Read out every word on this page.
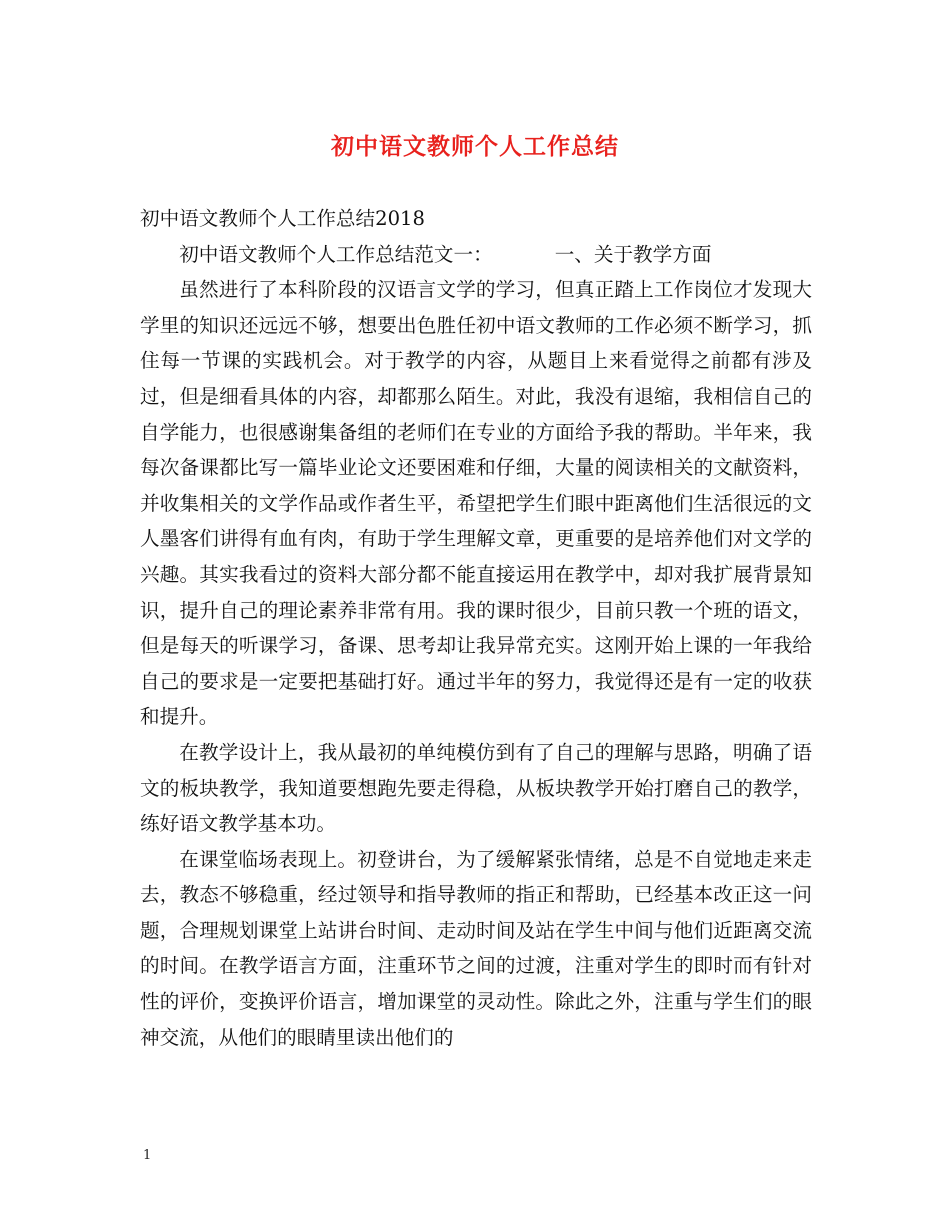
初中语文教师个人工作总结

初中语文教师个人工作总结2018

初中语文教师个人工作总结范文一：	一、关于教学方面

虽然进行了本科阶段的汉语言文学的学习，但真正踏上工作岗位才发现大学里的知识还远远不够，想要出色胜任初中语文教师的工作必须不断学习，抓住每一节课的实践机会。对于教学的内容，从题目上来看觉得之前都有涉及过，但是细看具体的内容，却都那么陌生。对此，我没有退缩，我相信自己的自学能力，也很感谢集备组的老师们在专业的方面给予我的帮助。半年来，我每次备课都比写一篇毕业论文还要困难和仔细，大量的阅读相关的文献资料，并收集相关的文学作品或作者生平，希望把学生们眼中距离他们生活很远的文人墨客们讲得有血有肉，有助于学生理解文章，更重要的是培养他们对文学的兴趣。其实我看过的资料大部分都不能直接运用在教学中，却对我扩展背景知识，提升自己的理论素养非常有用。我的课时很少，目前只教一个班的语文，但是每天的听课学习，备课、思考却让我异常充实。这刚开始上课的一年我给自己的要求是一定要把基础打好。通过半年的努力，我觉得还是有一定的收获和提升。

在教学设计上，我从最初的单纯模仿到有了自己的理解与思路，明确了语文的板块教学，我知道要想跑先要走得稳，从板块教学开始打磨自己的教学，练好语文教学基本功。

在课堂临场表现上。初登讲台，为了缓解紧张情绪，总是不自觉地走来走去，教态不够稳重，经过领导和指导教师的指正和帮助，已经基本改正这一问题，合理规划课堂上站讲台时间、走动时间及站在学生中间与他们近距离交流的时间。在教学语言方面，注重环节之间的过渡，注重对学生的即时而有针对性的评价，变换评价语言，增加课堂的灵动性。除此之外，注重与学生们的眼神交流，从他们的眼睛里读出他们的

1
